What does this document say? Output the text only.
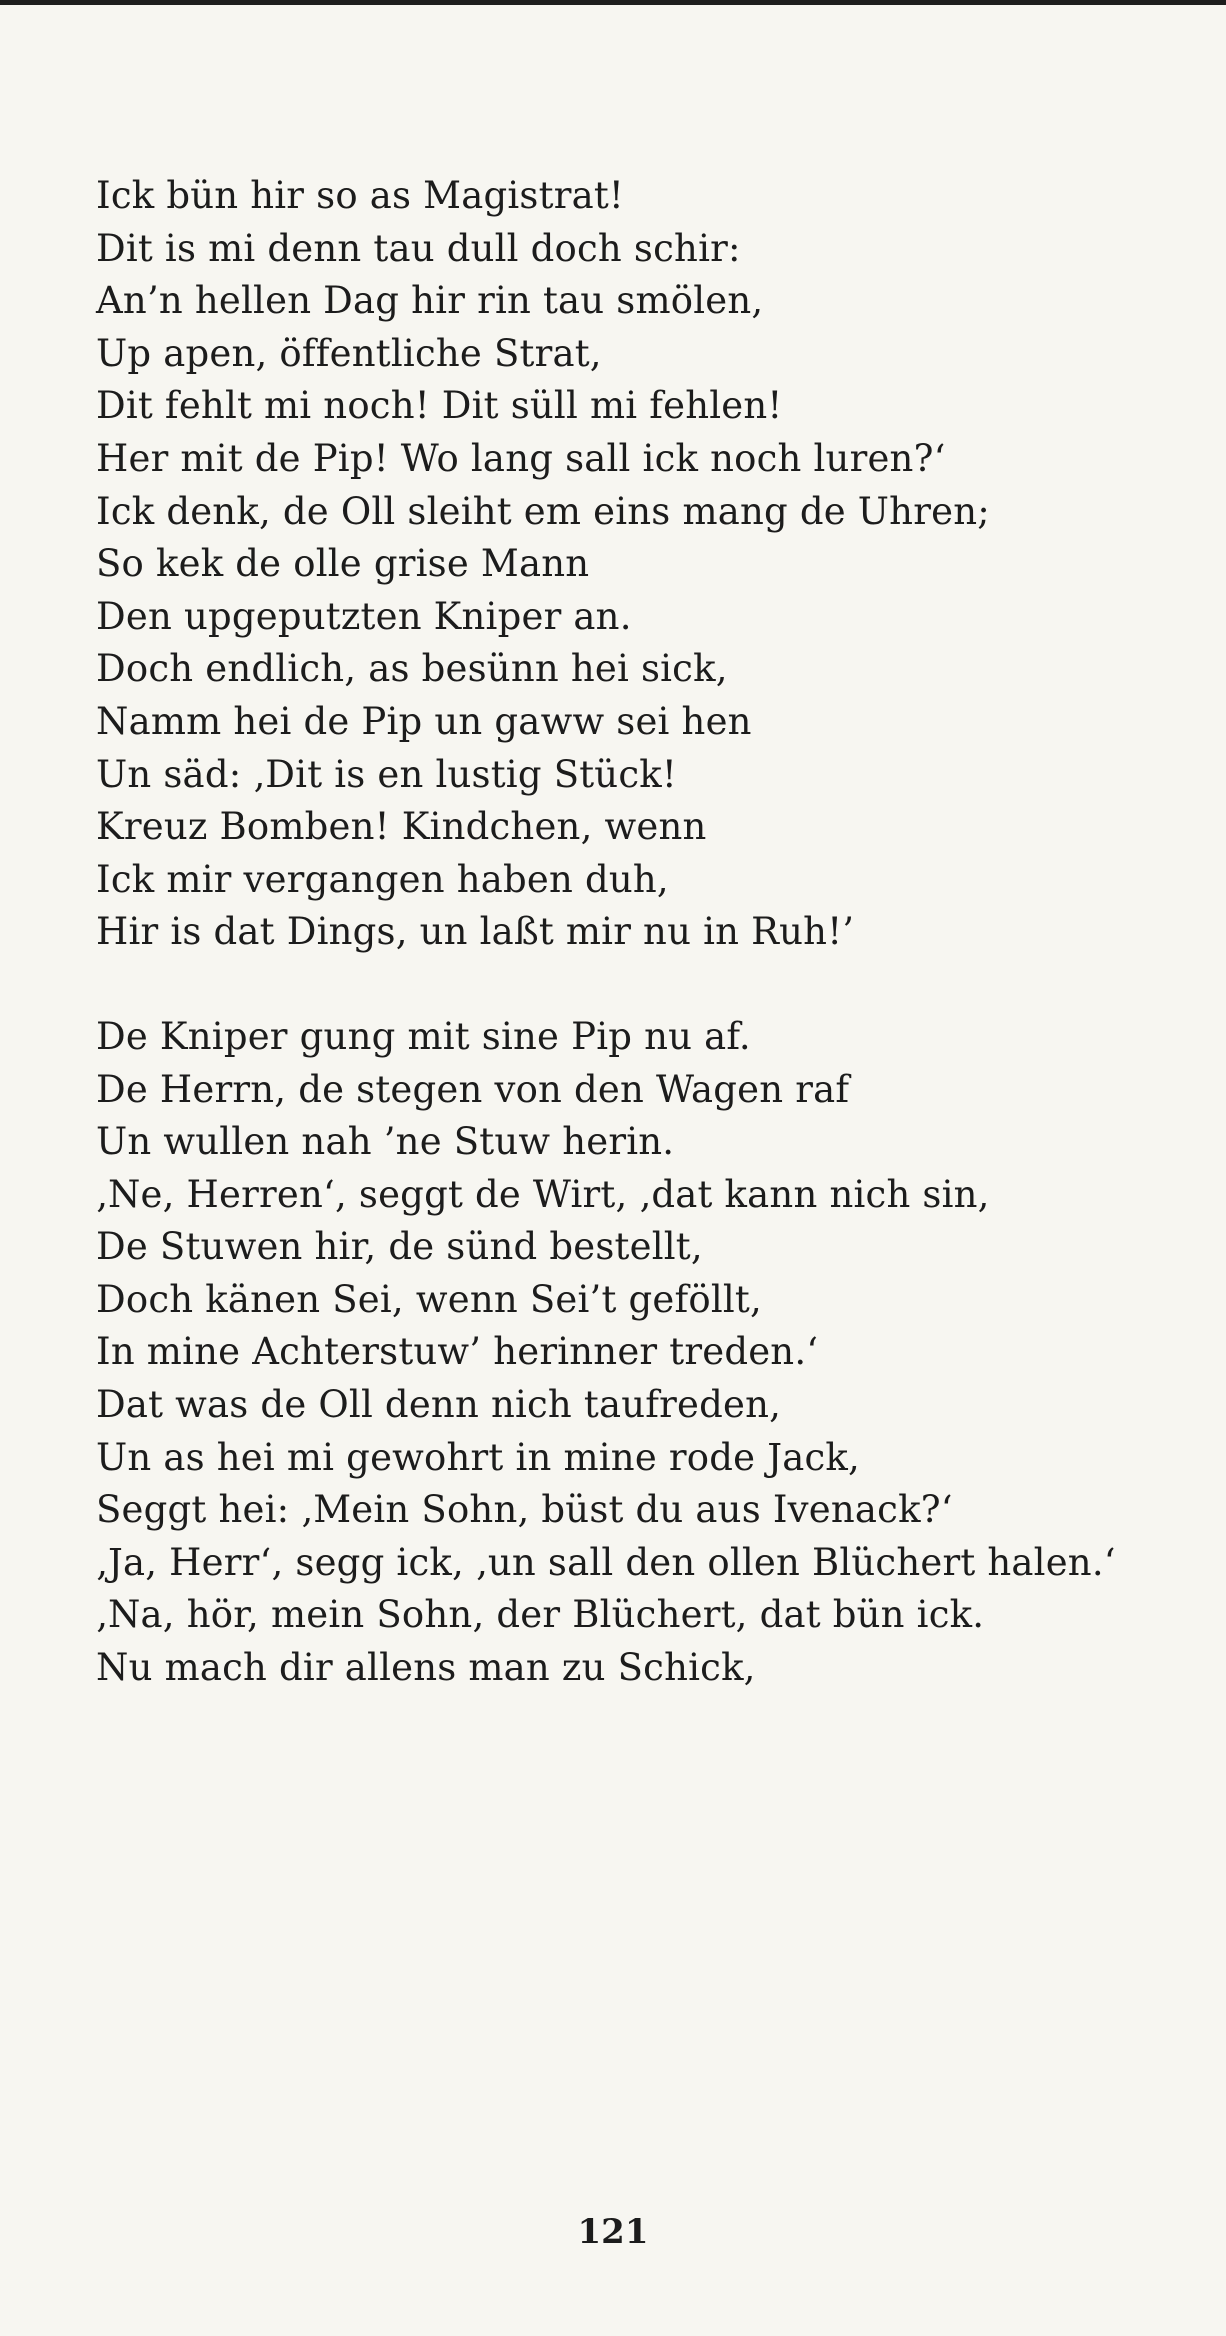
Ick bün hir so as Magistrat!
Dit is mi denn tau dull doch schir:
An’n hellen Dag hir rin tau smölen,
Up apen, öffentliche Strat,
Dit fehlt mi noch! Dit süll mi fehlen!
Her mit de Pip! Wo lang sall ick noch luren?‘
Ick denk, de Oll sleiht em eins mang de Uhren;
So kek de olle grise Mann
Den upgeputzten Kniper an.
Doch endlich, as besünn hei sick,
Namm hei de Pip un gaww sei hen
Un säd: ‚Dit is en lustig Stück!
Kreuz Bomben! Kindchen, wenn
Ick mir vergangen haben duh,
Hir is dat Dings, un laßt mir nu in Ruh!’
De Kniper gung mit sine Pip nu af.
De Herrn, de stegen von den Wagen raf
Un wullen nah ’ne Stuw herin.
‚Ne, Herren‘, seggt de Wirt, ‚dat kann nich sin,
De Stuwen hir, de sünd bestellt,
Doch känen Sei, wenn Sei’t geföllt,
In mine Achterstuw’ herinner treden.‘
Dat was de Oll denn nich taufreden,
Un as hei mi gewohrt in mine rode Jack,
Seggt hei: ‚Mein Sohn, büst du aus Ivenack?‘
‚Ja, Herr‘, segg ick, ‚un sall den ollen Blüchert halen.‘
‚Na, hör, mein Sohn, der Blüchert, dat bün ick.
Nu mach dir allens man zu Schick,
121
